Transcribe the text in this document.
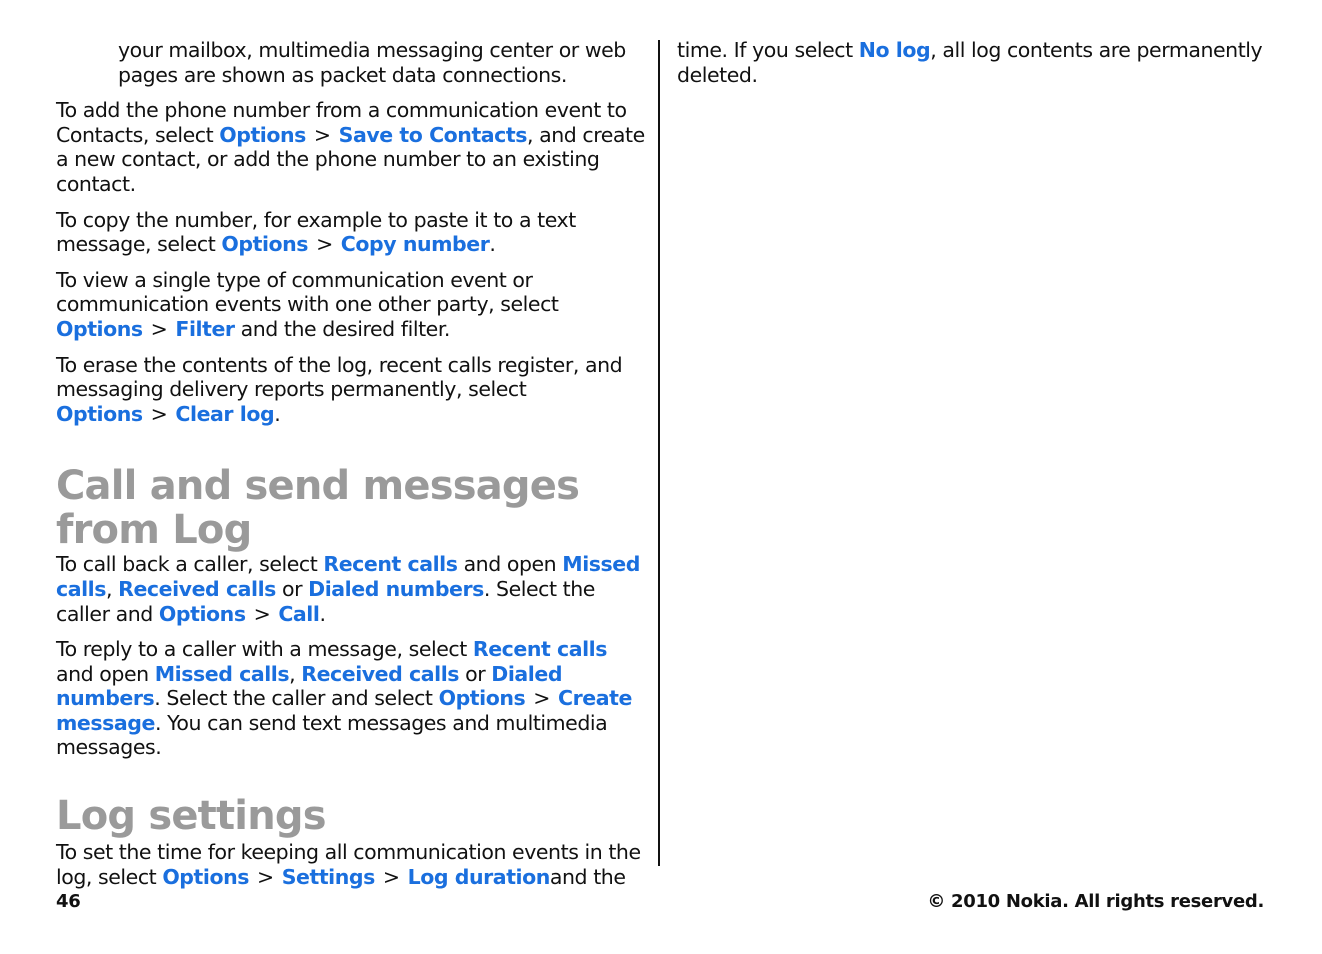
your mailbox, multimedia messaging center or web pages are shown as packet data connections.

To add the phone number from a communication event to Contacts, select Options > Save to Contacts, and create a new contact, or add the phone number to an existing contact.

To copy the number, for example to paste it to a text message, select Options > Copy number.

To view a single type of communication event or communication events with one other party, select Options > Filter and the desired filter.

To erase the contents of the log, recent calls register, and messaging delivery reports permanently, select Options > Clear log.

Call and send messages from Log

To call back a caller, select Recent calls and open Missed calls, Received calls or Dialed numbers. Select the caller and Options > Call.

To reply to a caller with a message, select Recent calls and open Missed calls, Received calls or Dialed numbers. Select the caller and select Options > Create message. You can send text messages and multimedia messages.

Log settings

To set the time for keeping all communication events in the log, select Options > Settings > Log durationand the

time. If you select No log, all log contents are permanently deleted.

46	© 2010 Nokia. All rights reserved.
